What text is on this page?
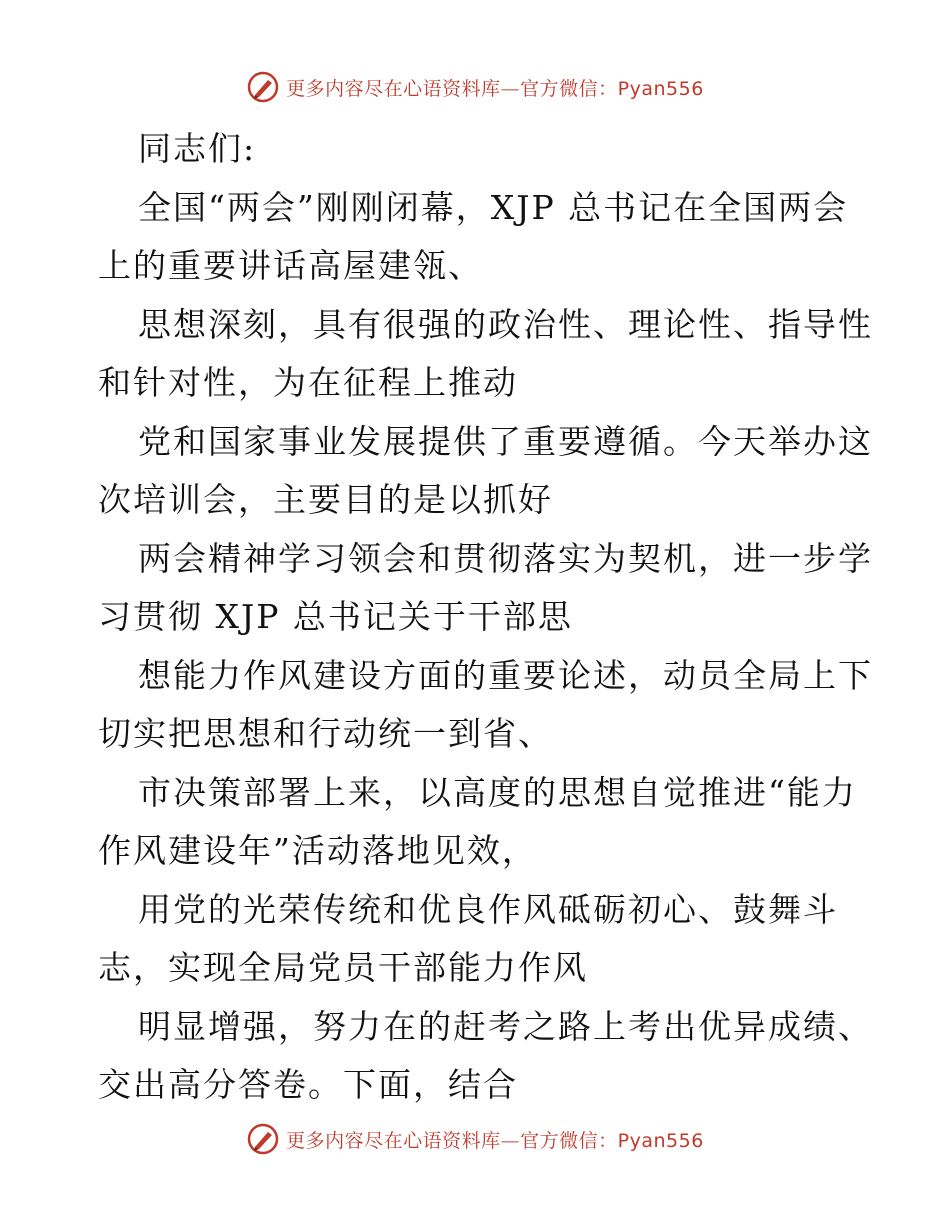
更多内容尽在心语资料库—官方微信：Pyan556
同志们:
全国“两会”刚刚闭幕，XJP 总书记在全国两会
上的重要讲话高屋建瓴、
思想深刻，具有很强的政治性、理论性、指导性
和针对性，为在征程上推动
党和国家事业发展提供了重要遵循。今天举办这
次培训会，主要目的是以抓好
两会精神学习领会和贯彻落实为契机，进一步学
习贯彻 XJP 总书记关于干部思
想能力作风建设方面的重要论述，动员全局上下
切实把思想和行动统一到省、
市决策部署上来，以高度的思想自觉推进“能力
作风建设年”活动落地见效，
用党的光荣传统和优良作风砥砺初心、鼓舞斗
志，实现全局党员干部能力作风
明显增强，努力在的赶考之路上考出优异成绩、
交出高分答卷。下面，结合
更多内容尽在心语资料库—官方微信：Pyan556
